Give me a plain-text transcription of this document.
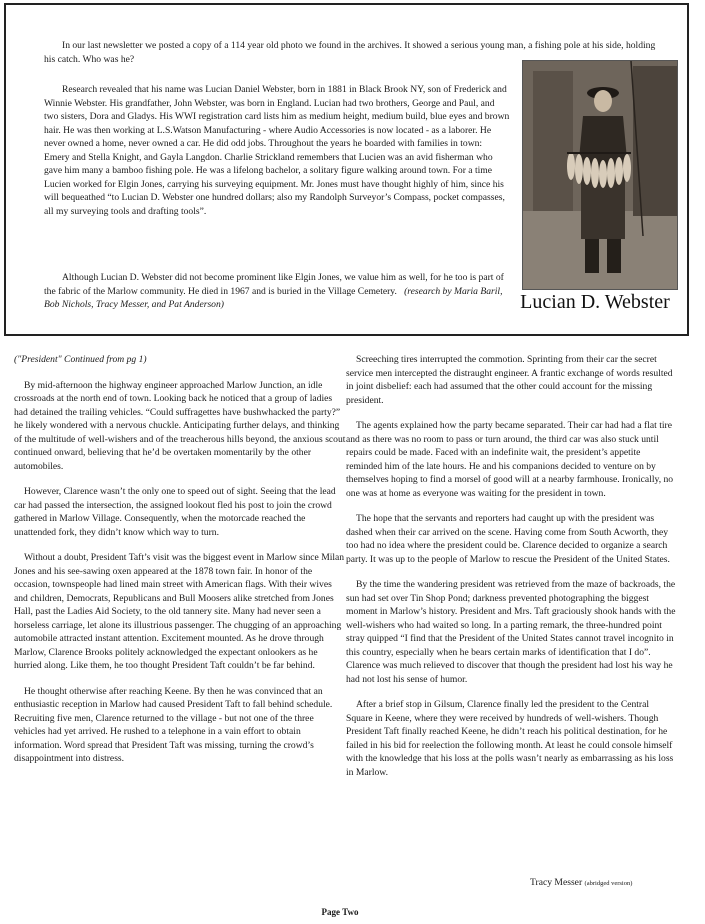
In our last newsletter we posted a copy of a 114 year old photo we found in the archives. It showed a serious young man, a fishing pole at his side, holding his catch. Who was he?

Research revealed that his name was Lucian Daniel Webster, born in 1881 in Black Brook NY, son of Frederick and Winnie Webster. His grandfather, John Webster, was born in England. Lucian had two brothers, George and Paul, and two sisters, Dora and Gladys. His WWI registration card lists him as medium height, medium build, blue eyes and brown hair. He was then working at L.S.Watson Manufacturing - where Audio Accessories is now located - as a laborer. He never owned a home, never owned a car. He did odd jobs. Throughout the years he boarded with families in town: Emery and Stella Knight, and Gayla Langdon. Charlie Strickland remembers that Lucien was an avid fisherman who gave him many a bamboo fishing pole. He was a lifelong bachelor, a solitary figure walking around town. For a time Lucien worked for Elgin Jones, carrying his surveying equipment. Mr. Jones must have thought highly of him, since his will bequeathed “to Lucian D. Webster one hundred dollars; also my Randolph Surveyor’s Compass, pocket compasses, all my surveying tools and drafting tools”.

Although Lucian D. Webster did not become prominent like Elgin Jones, we value him as well, for he too is part of the fabric of the Marlow community. He died in 1967 and is buried in the Village Cemetery. (research by Maria Baril, Bob Nichols, Tracy Messer, and Pat Anderson)	Lucian D. Webster

("President" Continued from pg 1)

By mid-afternoon the highway engineer approached Marlow Junction, an idle crossroads at the north end of town. Looking back he noticed that a group of ladies had detained the trailing vehicles. “Could suffragettes have bushwhacked the party?” he likely wondered with a nervous chuckle. Anticipating further delays, and thinking of the multitude of well-wishers and of the treacherous hills beyond, the anxious scout continued onward, believing that he’d be overtaken momentarily by the other automobiles.

However, Clarence wasn’t the only one to speed out of sight. Seeing that the lead car had passed the intersection, the assigned lookout fled his post to join the crowd gathered in Marlow Village. Consequently, when the motorcade reached the unattended fork, they didn’t know which way to turn.

Without a doubt, President Taft’s visit was the biggest event in Marlow since Milan Jones and his see-sawing oxen appeared at the 1878 town fair. In honor of the occasion, townspeople had lined main street with American flags. With their wives and children, Democrats, Republicans and Bull Moosers alike stretched from Jones Hall, past the Ladies Aid Society, to the old tannery site. Many had never seen a horseless carriage, let alone its illustrious passenger. The chugging of an approaching automobile attracted instant attention. Excitement mounted. As he drove through Marlow, Clarence Brooks politely acknowledged the expectant onlookers as he hurried along. Like them, he too thought President Taft couldn’t be far behind.

He thought otherwise after reaching Keene. By then he was convinced that an enthusiastic reception in Marlow had caused President Taft to fall behind schedule. Recruiting five men, Clarence returned to the village - but not one of the three vehicles had yet arrived. He rushed to a telephone in a vain effort to obtain information. Word spread that President Taft was missing, turning the crowd’s disappointment into distress.

Screeching tires interrupted the commotion. Sprinting from their car the secret service men intercepted the distraught engineer. A frantic exchange of words resulted in joint disbelief: each had assumed that the other could account for the missing president.

The agents explained how the party became separated. Their car had had a flat tire and as there was no room to pass or turn around, the third car was also stuck until repairs could be made. Faced with an indefinite wait, the president’s appetite reminded him of the late hours. He and his companions decided to venture on by themselves hoping to find a morsel of good will at a nearby farmhouse. Ironically, no one was at home as everyone was waiting for the president in town.

The hope that the servants and reporters had caught up with the president was dashed when their car arrived on the scene. Having come from South Acworth, they too had no idea where the president could be. Clarence decided to organize a search party. It was up to the people of Marlow to rescue the President of the United States.

By the time the wandering president was retrieved from the maze of backroads, the sun had set over Tin Shop Pond; darkness prevented photographing the biggest moment in Marlow’s history. President and Mrs. Taft graciously shook hands with the well-wishers who had waited so long. In a parting remark, the three-hundred point stray quipped “I find that the President of the United States cannot travel incognito in this country, especially when he bears certain marks of identification that I do”. Clarence was much relieved to discover that though the president had lost his way he had not lost his sense of humor.

After a brief stop in Gilsum, Clarence finally led the president to the Central Square in Keene, where they were received by hundreds of well-wishers. Though President Taft finally reached Keene, he didn’t reach his political destination, for he failed in his bid for reelection the following month. At least he could console himself with the knowledge that his loss at the polls wasn’t nearly as embarrassing as his loss in Marlow.

Tracy Messer (abridged version)
Page Two
